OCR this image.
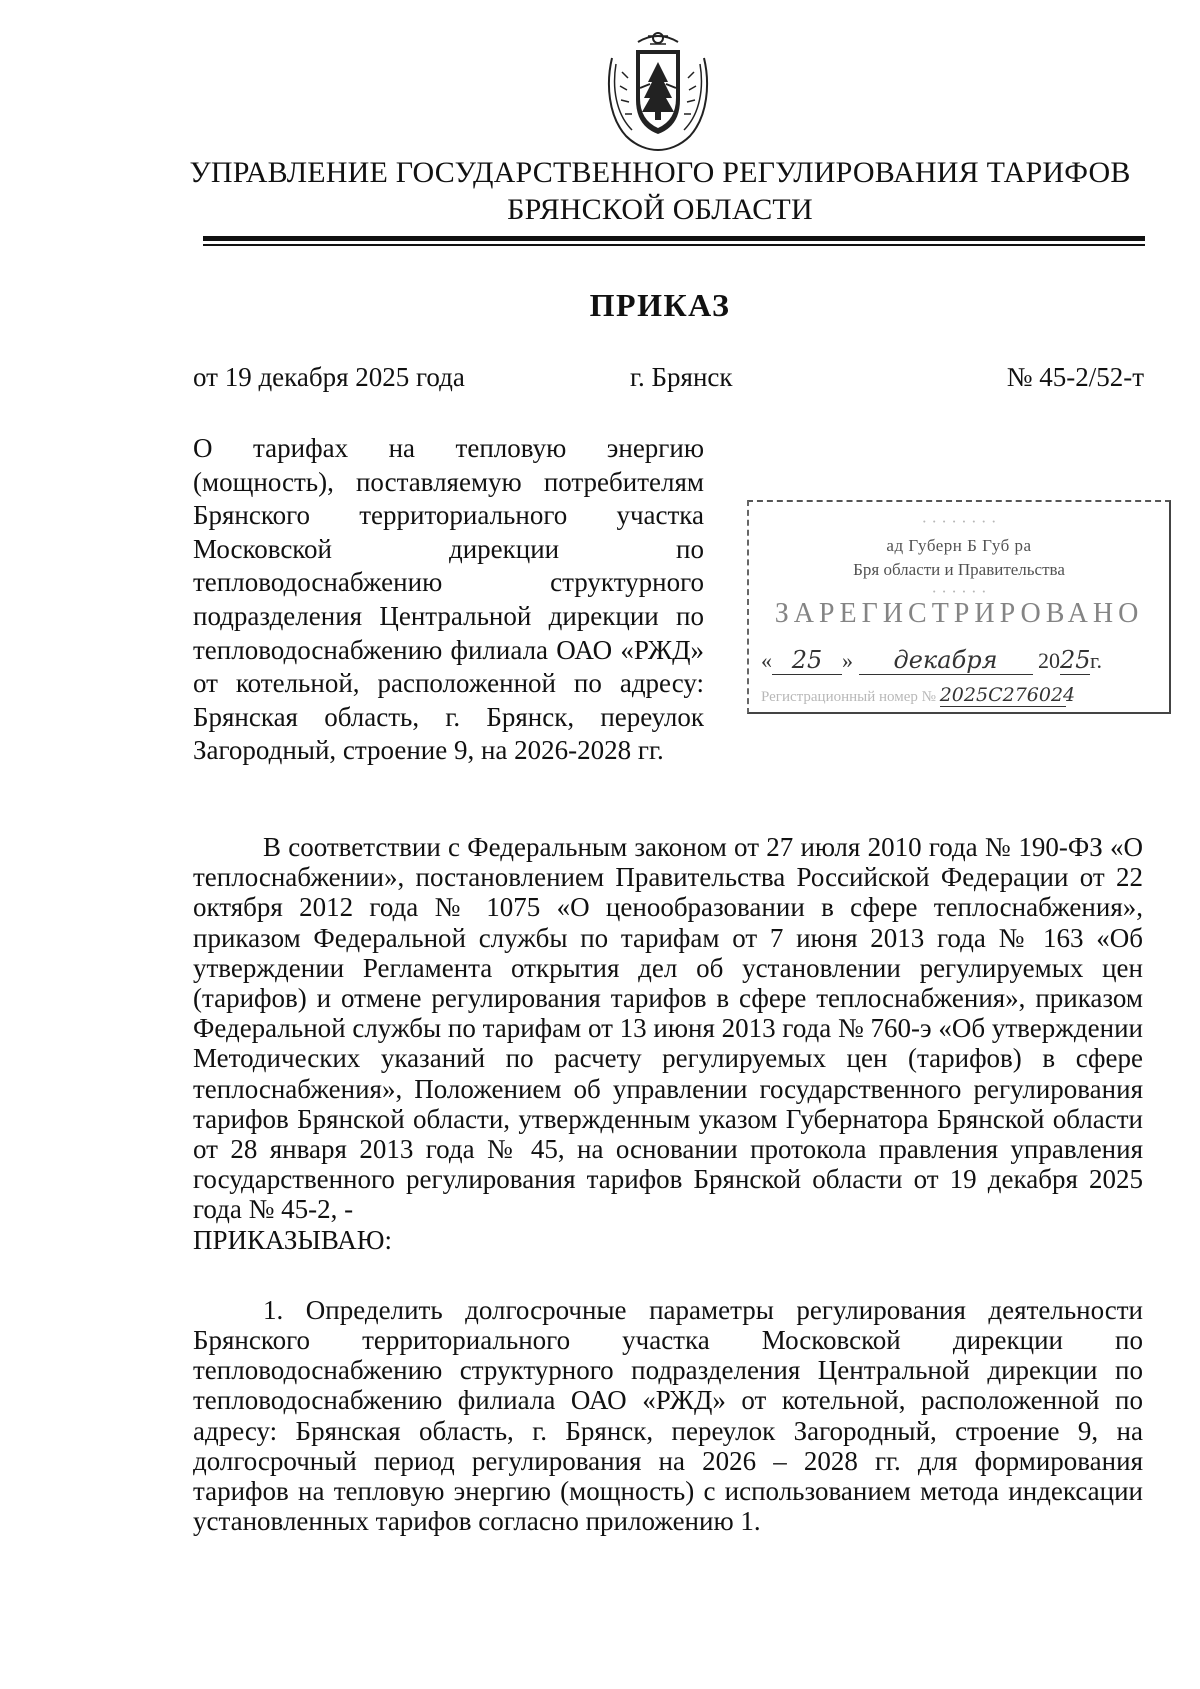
УПРАВЛЕНИЕ ГОСУДАРСТВЕННОГО РЕГУЛИРОВАНИЯ ТАРИФОВ
БРЯНСКОЙ ОБЛАСТИ
ПРИКАЗ
от 19 декабря 2025 года	г. Брянск	№ 45-2/52-т
О тарифах на тепловую энергию (мощность), поставляемую потребителям Брянского территориального участка Московской дирекции по тепловодоснабжению структурного подразделения Центральной дирекции по тепловодоснабжению филиала ОАО «РЖД» от котельной, расположенной по адресу: Брянская область, г. Брянск, переулок Загородный, строение 9, на 2026-2028 гг.
· · · · · · · ·
ад Губерн Б Губ ра
Бря области и Правительства
· · · · · ·
ЗАРЕГИСТРИРОВАНО
« 25 » декабря 2025г.
Регистрационный номер № 2025С276024

В соответствии с Федеральным законом от 27 июля 2010 года № 190-ФЗ «О теплоснабжении», постановлением Правительства Российской Федерации от 22 октября 2012 года № 1075 «О ценообразовании в сфере теплоснабжения», приказом Федеральной службы по тарифам от 7 июня 2013 года № 163 «Об утверждении Регламента открытия дел об установлении регулируемых цен (тарифов) и отмене регулирования тарифов в сфере теплоснабжения», приказом Федеральной службы по тарифам от 13 июня 2013 года № 760-э «Об утверждении Методических указаний по расчету регулируемых цен (тарифов) в сфере теплоснабжения», Положением об управлении государственного регулирования тарифов Брянской области, утвержденным указом Губернатора Брянской области от 28 января 2013 года № 45, на основании протокола правления управления государственного регулирования тарифов Брянской области от 19 декабря 2025 года № 45-2, -

ПРИКАЗЫВАЮ:

1. Определить долгосрочные параметры регулирования деятельности Брянского территориального участка Московской дирекции по тепловодоснабжению структурного подразделения Центральной дирекции по тепловодоснабжению филиала ОАО «РЖД» от котельной, расположенной по адресу: Брянская область, г. Брянск, переулок Загородный, строение 9, на долгосрочный период регулирования на 2026 – 2028 гг. для формирования тарифов на тепловую энергию (мощность) с использованием метода индексации установленных тарифов согласно приложению 1.
